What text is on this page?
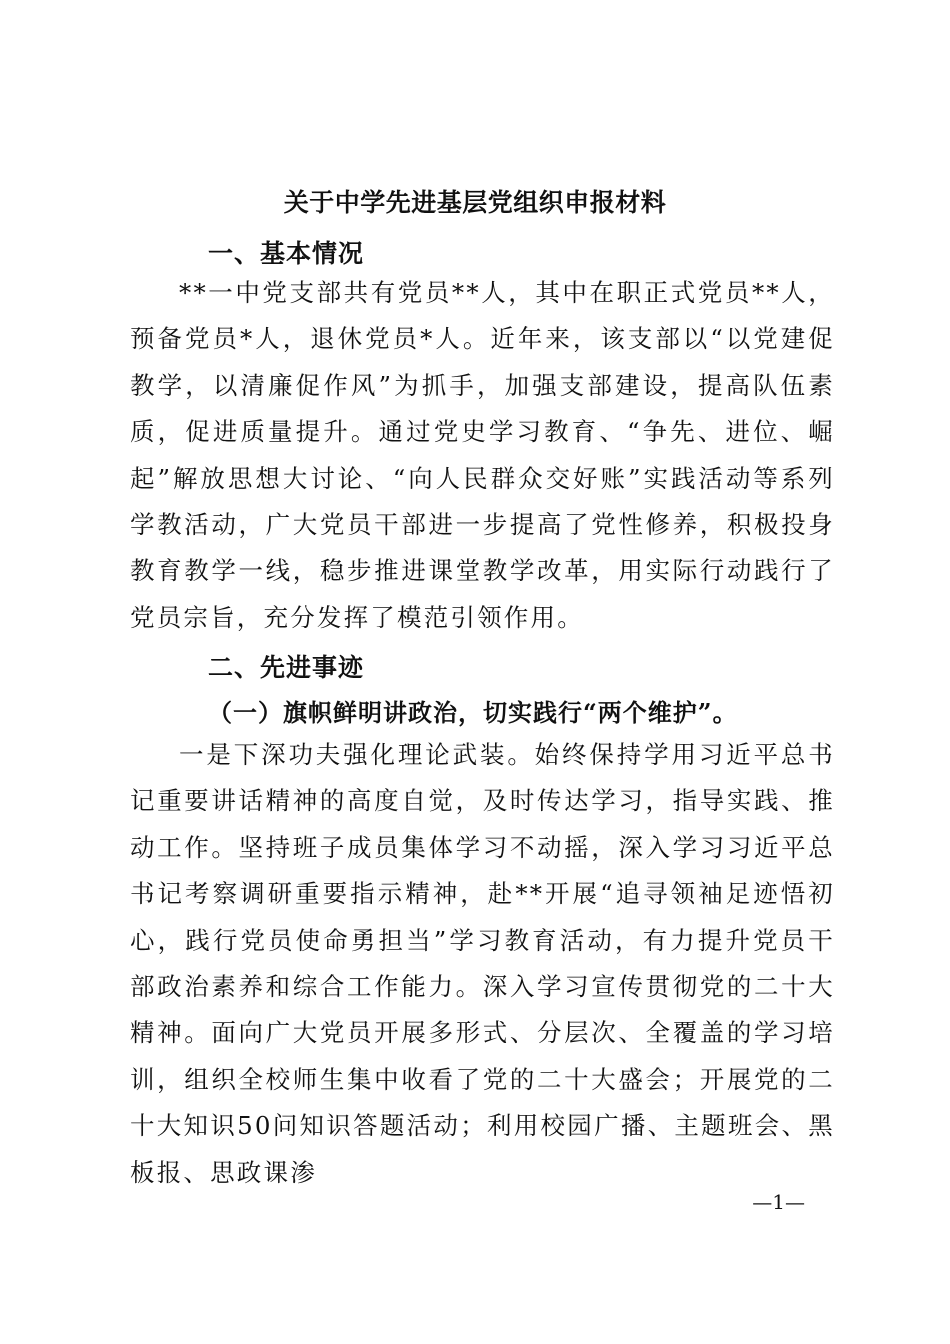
关于中学先进基层党组织申报材料
一、基本情况
**一中党支部共有党员**人，其中在职正式党员**人，预备党员*人，退休党员*人。近年来，该支部以“以党建促教学，以清廉促作风”为抓手，加强支部建设，提高队伍素质，促进质量提升。通过党史学习教育、“争先、进位、崛起”解放思想大讨论、“向人民群众交好账”实践活动等系列学教活动，广大党员干部进一步提高了党性修养，积极投身教育教学一线，稳步推进课堂教学改革，用实际行动践行了党员宗旨，充分发挥了模范引领作用。
二、先进事迹
（一）旗帜鲜明讲政治，切实践行“两个维护”。
一是下深功夫强化理论武装。始终保持学用习近平总书记重要讲话精神的高度自觉，及时传达学习，指导实践、推动工作。坚持班子成员集体学习不动摇，深入学习习近平总书记考察调研重要指示精神，赴**开展“追寻领袖足迹悟初心，践行党员使命勇担当”学习教育活动，有力提升党员干部政治素养和综合工作能力。深入学习宣传贯彻党的二十大精神。面向广大党员开展多形式、分层次、全覆盖的学习培训，组织全校师生集中收看了党的二十大盛会；开展党的二十大知识50问知识答题活动；利用校园广播、主题班会、黑板报、思政课渗
—1—
